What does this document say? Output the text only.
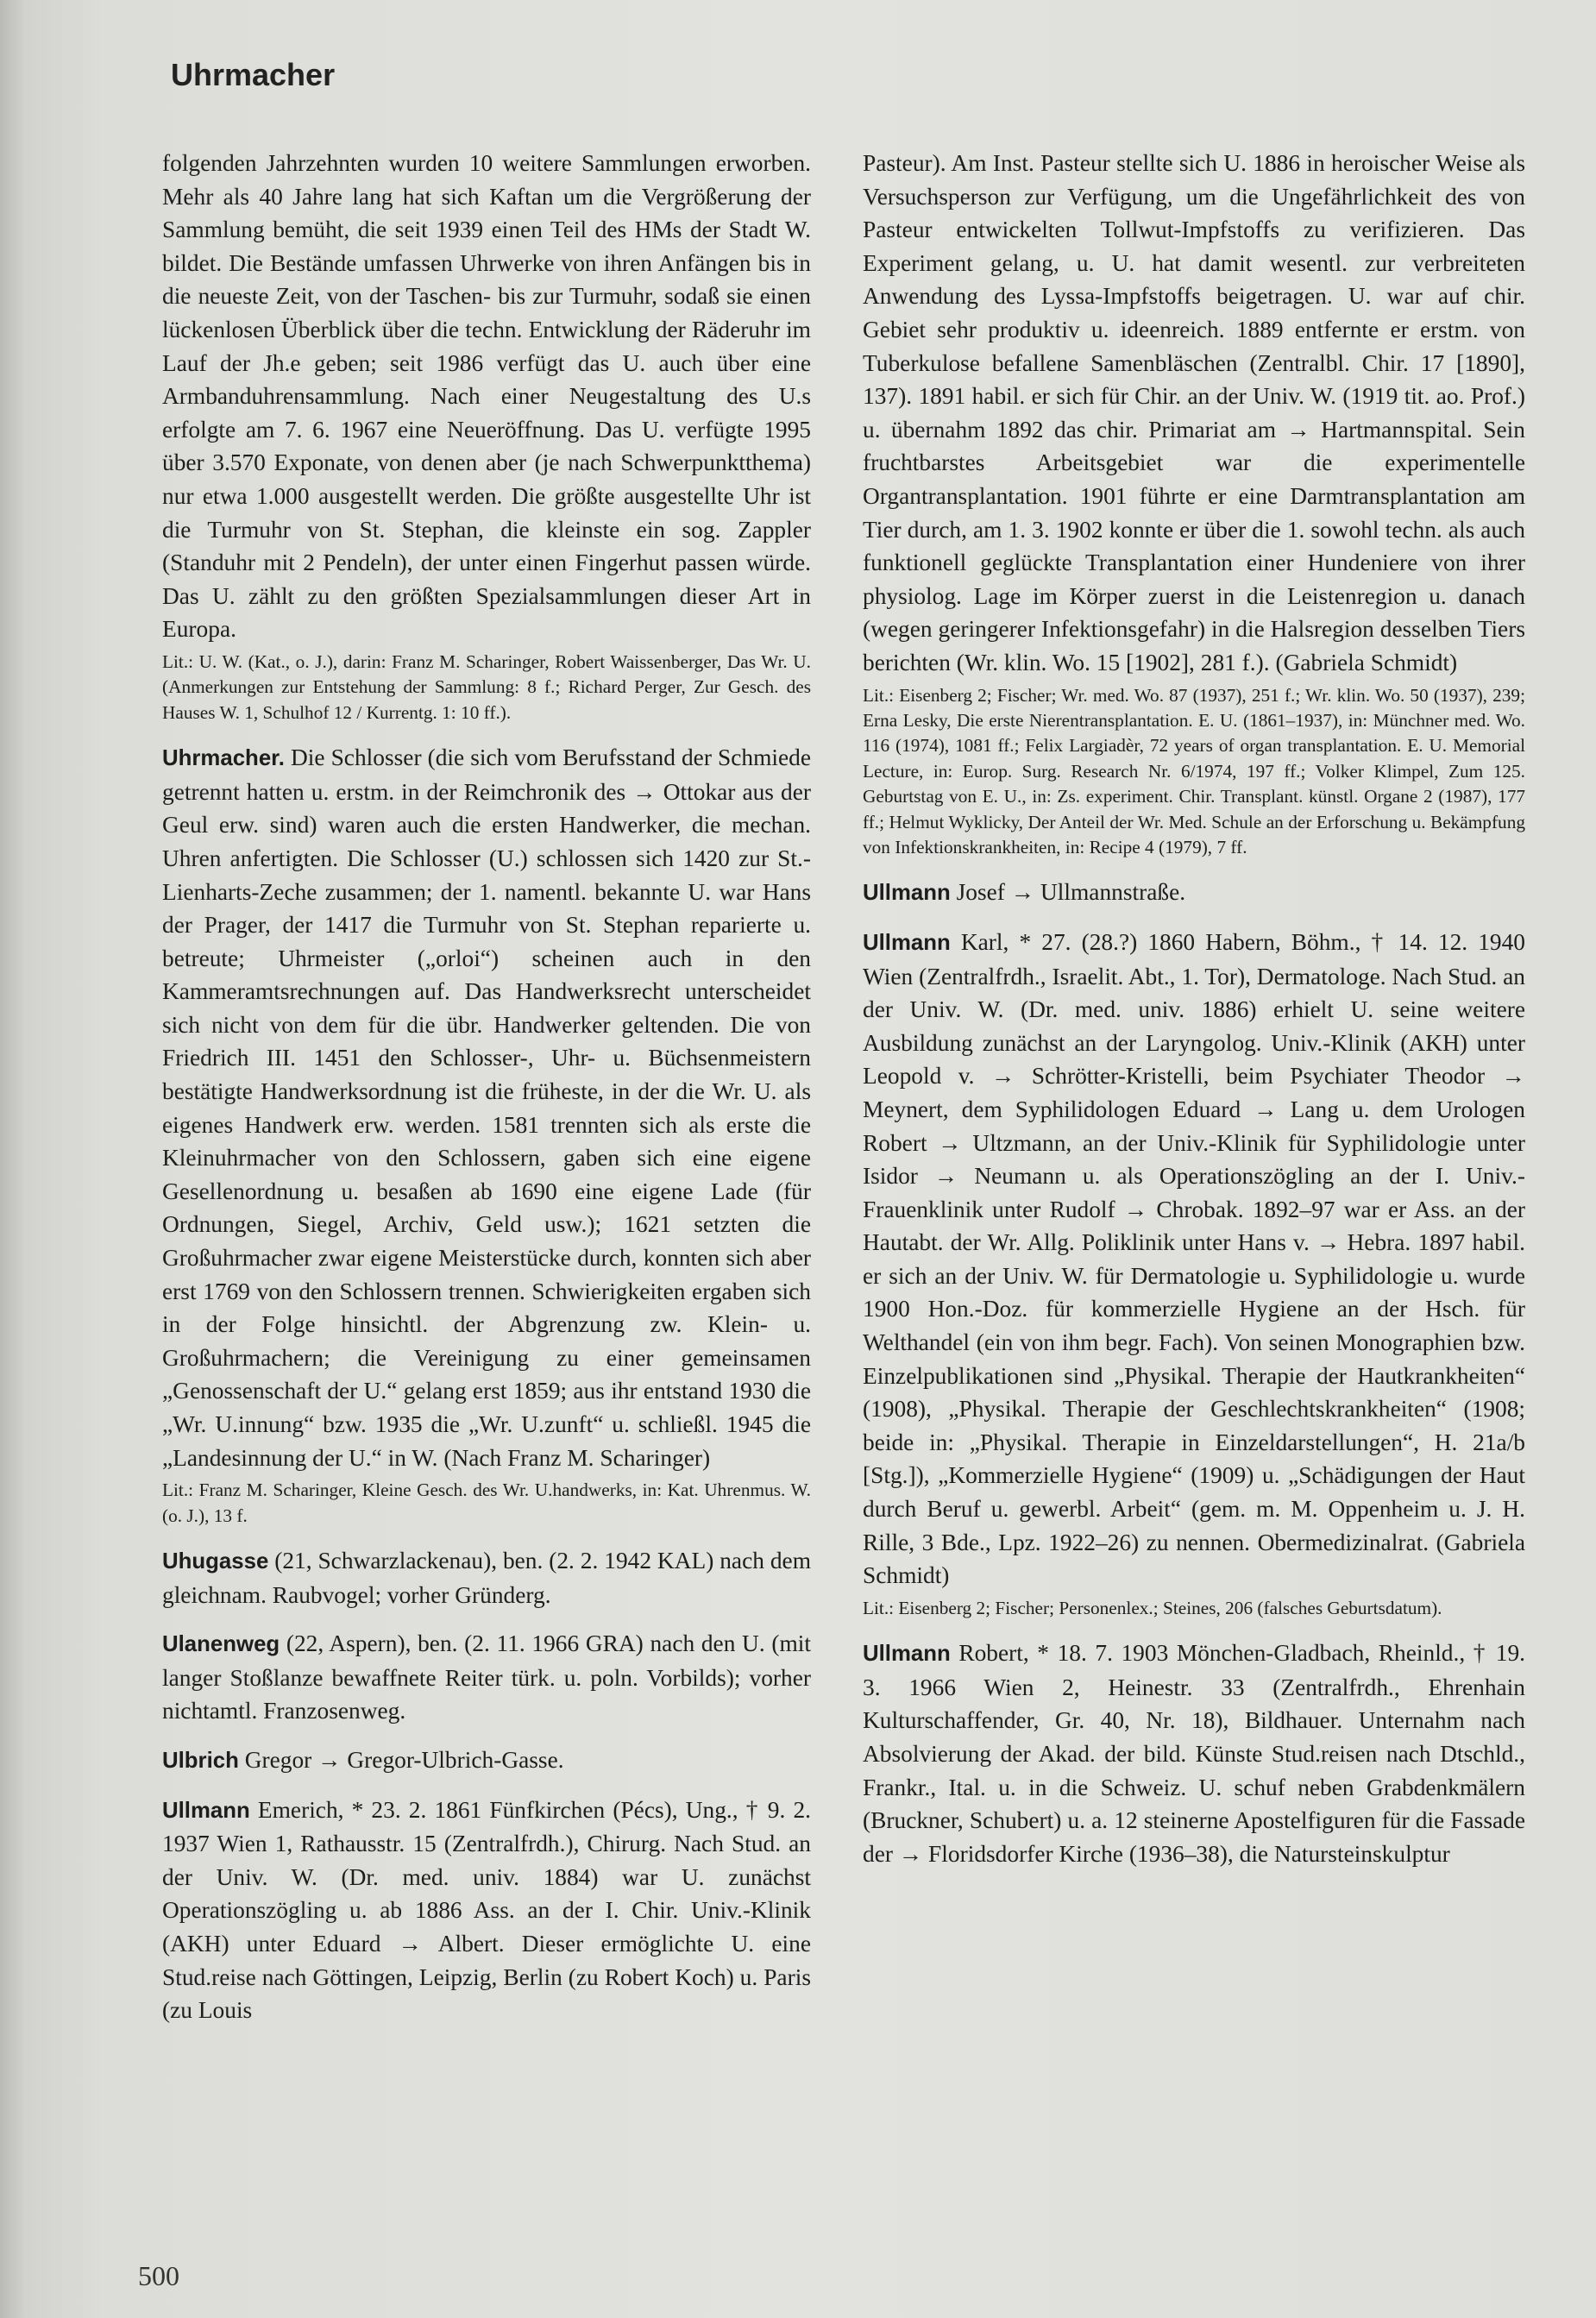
Uhrmacher

folgenden Jahrzehnten wurden 10 weitere Sammlungen erworben. Mehr als 40 Jahre lang hat sich Kaftan um die Vergrößerung der Sammlung bemüht, die seit 1939 einen Teil des HMs der Stadt W. bildet. Die Bestände umfassen Uhrwerke von ihren Anfängen bis in die neueste Zeit, von der Taschen- bis zur Turmuhr, sodaß sie einen lückenlosen Überblick über die techn. Entwicklung der Räderuhr im Lauf der Jh.e geben; seit 1986 verfügt das U. auch über eine Armbanduhrensammlung. Nach einer Neugestaltung des U.s erfolgte am 7. 6. 1967 eine Neueröffnung. Das U. verfügte 1995 über 3.570 Exponate, von denen aber (je nach Schwerpunktthema) nur etwa 1.000 ausgestellt werden. Die größte ausgestellte Uhr ist die Turmuhr von St. Stephan, die kleinste ein sog. Zappler (Standuhr mit 2 Pendeln), der unter einen Fingerhut passen würde. Das U. zählt zu den größten Spezialsammlungen dieser Art in Europa.

Lit.: U. W. (Kat., o. J.), darin: Franz M. Scharinger, Robert Waissenberger, Das Wr. U. (Anmerkungen zur Entstehung der Sammlung: 8 f.; Richard Perger, Zur Gesch. des Hauses W. 1, Schulhof 12 / Kurrentg. 1: 10 ff.).

Uhrmacher. Die Schlosser (die sich vom Berufsstand der Schmiede getrennt hatten u. erstm. in der Reimchronik des → Ottokar aus der Geul erw. sind) waren auch die ersten Handwerker, die mechan. Uhren anfertigten. Die Schlosser (U.) schlossen sich 1420 zur St.-Lienharts-Zeche zusammen; der 1. namentl. bekannte U. war Hans der Prager, der 1417 die Turmuhr von St. Stephan reparierte u. betreute; Uhrmeister („orloi“) scheinen auch in den Kammeramtsrechnungen auf. Das Handwerksrecht unterscheidet sich nicht von dem für die übr. Handwerker geltenden. Die von Friedrich III. 1451 den Schlosser-, Uhr- u. Büchsenmeistern bestätigte Handwerksordnung ist die früheste, in der die Wr. U. als eigenes Handwerk erw. werden. 1581 trennten sich als erste die Kleinuhrmacher von den Schlossern, gaben sich eine eigene Gesellenordnung u. besaßen ab 1690 eine eigene Lade (für Ordnungen, Siegel, Archiv, Geld usw.); 1621 setzten die Großuhrmacher zwar eigene Meisterstücke durch, konnten sich aber erst 1769 von den Schlossern trennen. Schwierigkeiten ergaben sich in der Folge hinsichtl. der Abgrenzung zw. Klein- u. Großuhrmachern; die Vereinigung zu einer gemeinsamen „Genossenschaft der U.“ gelang erst 1859; aus ihr entstand 1930 die „Wr. U.innung“ bzw. 1935 die „Wr. U.zunft“ u. schließl. 1945 die „Landesinnung der U.“ in W. (Nach Franz M. Scharinger)

Lit.: Franz M. Scharinger, Kleine Gesch. des Wr. U.handwerks, in: Kat. Uhrenmus. W. (o. J.), 13 f.

Uhugasse (21, Schwarzlackenau), ben. (2. 2. 1942 KAL) nach dem gleichnam. Raubvogel; vorher Gründerg.

Ulanenweg (22, Aspern), ben. (2. 11. 1966 GRA) nach den U. (mit langer Stoßlanze bewaffnete Reiter türk. u. poln. Vorbilds); vorher nichtamtl. Franzosenweg.

Ulbrich Gregor → Gregor-Ulbrich-Gasse.

Ullmann Emerich, * 23. 2. 1861 Fünfkirchen (Pécs), Ung., † 9. 2. 1937 Wien 1, Rathausstr. 15 (Zentralfrdh.), Chirurg. Nach Stud. an der Univ. W. (Dr. med. univ. 1884) war U. zunächst Operationszögling u. ab 1886 Ass. an der I. Chir. Univ.-Klinik (AKH) unter Eduard → Albert. Dieser ermöglichte U. eine Stud.reise nach Göttingen, Leipzig, Berlin (zu Robert Koch) u. Paris (zu Louis

Pasteur). Am Inst. Pasteur stellte sich U. 1886 in heroischer Weise als Versuchsperson zur Verfügung, um die Ungefährlichkeit des von Pasteur entwickelten Tollwut-Impfstoffs zu verifizieren. Das Experiment gelang, u. U. hat damit wesentl. zur verbreiteten Anwendung des Lyssa-Impfstoffs beigetragen. U. war auf chir. Gebiet sehr produktiv u. ideenreich. 1889 entfernte er erstm. von Tuberkulose befallene Samenbläschen (Zentralbl. Chir. 17 [1890], 137). 1891 habil. er sich für Chir. an der Univ. W. (1919 tit. ao. Prof.) u. übernahm 1892 das chir. Primariat am → Hartmannspital. Sein fruchtbarstes Arbeitsgebiet war die experimentelle Organtransplantation. 1901 führte er eine Darmtransplantation am Tier durch, am 1. 3. 1902 konnte er über die 1. sowohl techn. als auch funktionell geglückte Transplantation einer Hundeniere von ihrer physiolog. Lage im Körper zuerst in die Leistenregion u. danach (wegen geringerer Infektionsgefahr) in die Halsregion desselben Tiers berichten (Wr. klin. Wo. 15 [1902], 281 f.). (Gabriela Schmidt)

Lit.: Eisenberg 2; Fischer; Wr. med. Wo. 87 (1937), 251 f.; Wr. klin. Wo. 50 (1937), 239; Erna Lesky, Die erste Nierentransplantation. E. U. (1861–1937), in: Münchner med. Wo. 116 (1974), 1081 ff.; Felix Largiadèr, 72 years of organ transplantation. E. U. Memorial Lecture, in: Europ. Surg. Research Nr. 6/1974, 197 ff.; Volker Klimpel, Zum 125. Geburtstag von E. U., in: Zs. experiment. Chir. Transplant. künstl. Organe 2 (1987), 177 ff.; Helmut Wyklicky, Der Anteil der Wr. Med. Schule an der Erforschung u. Bekämpfung von Infektionskrankheiten, in: Recipe 4 (1979), 7 ff.

Ullmann Josef → Ullmannstraße.

Ullmann Karl, * 27. (28.?) 1860 Habern, Böhm., † 14. 12. 1940 Wien (Zentralfrdh., Israelit. Abt., 1. Tor), Dermatologe. Nach Stud. an der Univ. W. (Dr. med. univ. 1886) erhielt U. seine weitere Ausbildung zunächst an der Laryngolog. Univ.-Klinik (AKH) unter Leopold v. → Schrötter-Kristelli, beim Psychiater Theodor → Meynert, dem Syphilidologen Eduard → Lang u. dem Urologen Robert → Ultzmann, an der Univ.-Klinik für Syphilidologie unter Isidor → Neumann u. als Operationszögling an der I. Univ.-Frauenklinik unter Rudolf → Chrobak. 1892–97 war er Ass. an der Hautabt. der Wr. Allg. Poliklinik unter Hans v. → Hebra. 1897 habil. er sich an der Univ. W. für Dermatologie u. Syphilidologie u. wurde 1900 Hon.-Doz. für kommerzielle Hygiene an der Hsch. für Welthandel (ein von ihm begr. Fach). Von seinen Monographien bzw. Einzelpublikationen sind „Physikal. Therapie der Hautkrankheiten“ (1908), „Physikal. Therapie der Geschlechtskrankheiten“ (1908; beide in: „Physikal. Therapie in Einzeldarstellungen“, H. 21a/b [Stg.]), „Kommerzielle Hygiene“ (1909) u. „Schädigungen der Haut durch Beruf u. gewerbl. Arbeit“ (gem. m. M. Oppenheim u. J. H. Rille, 3 Bde., Lpz. 1922–26) zu nennen. Obermedizinalrat. (Gabriela Schmidt)

Lit.: Eisenberg 2; Fischer; Personenlex.; Steines, 206 (falsches Geburtsdatum).

Ullmann Robert, * 18. 7. 1903 Mönchen-Gladbach, Rheinld., † 19. 3. 1966 Wien 2, Heinestr. 33 (Zentralfrdh., Ehrenhain Kulturschaffender, Gr. 40, Nr. 18), Bildhauer. Unternahm nach Absolvierung der Akad. der bild. Künste Stud.reisen nach Dtschld., Frankr., Ital. u. in die Schweiz. U. schuf neben Grabdenkmälern (Bruckner, Schubert) u. a. 12 steinerne Apostelfiguren für die Fassade der → Floridsdorfer Kirche (1936–38), die Natursteinskulptur

500
